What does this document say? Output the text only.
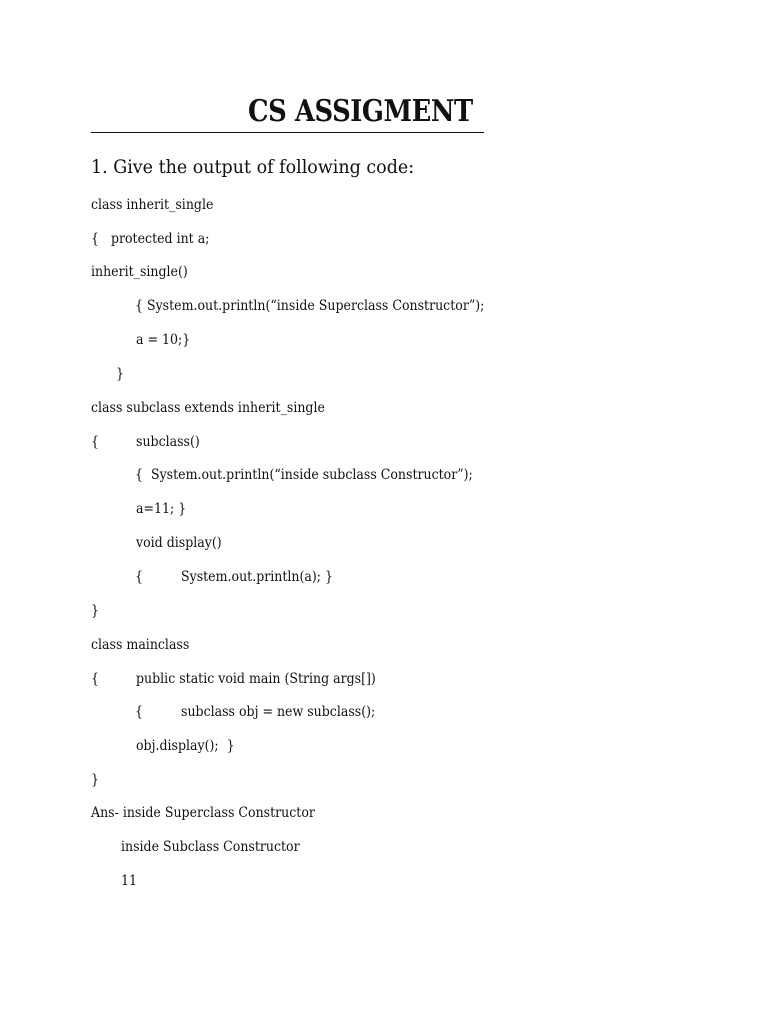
CS ASSIGMENT
1. Give the output of following code:
class inherit_single
{   protected int a;
inherit_single()
{ System.out.println(“inside Superclass Constructor”);
a = 10;}
}
class subclass extends inherit_single
{	subclass()
{  System.out.println(“inside subclass Constructor”);
a=11; }
void display()
{	System.out.println(a); }
}
class mainclass
{	public static void main (String args[])
{	subclass obj = new subclass();
obj.display();  }
}
Ans- inside Superclass Constructor
inside Subclass Constructor
11
